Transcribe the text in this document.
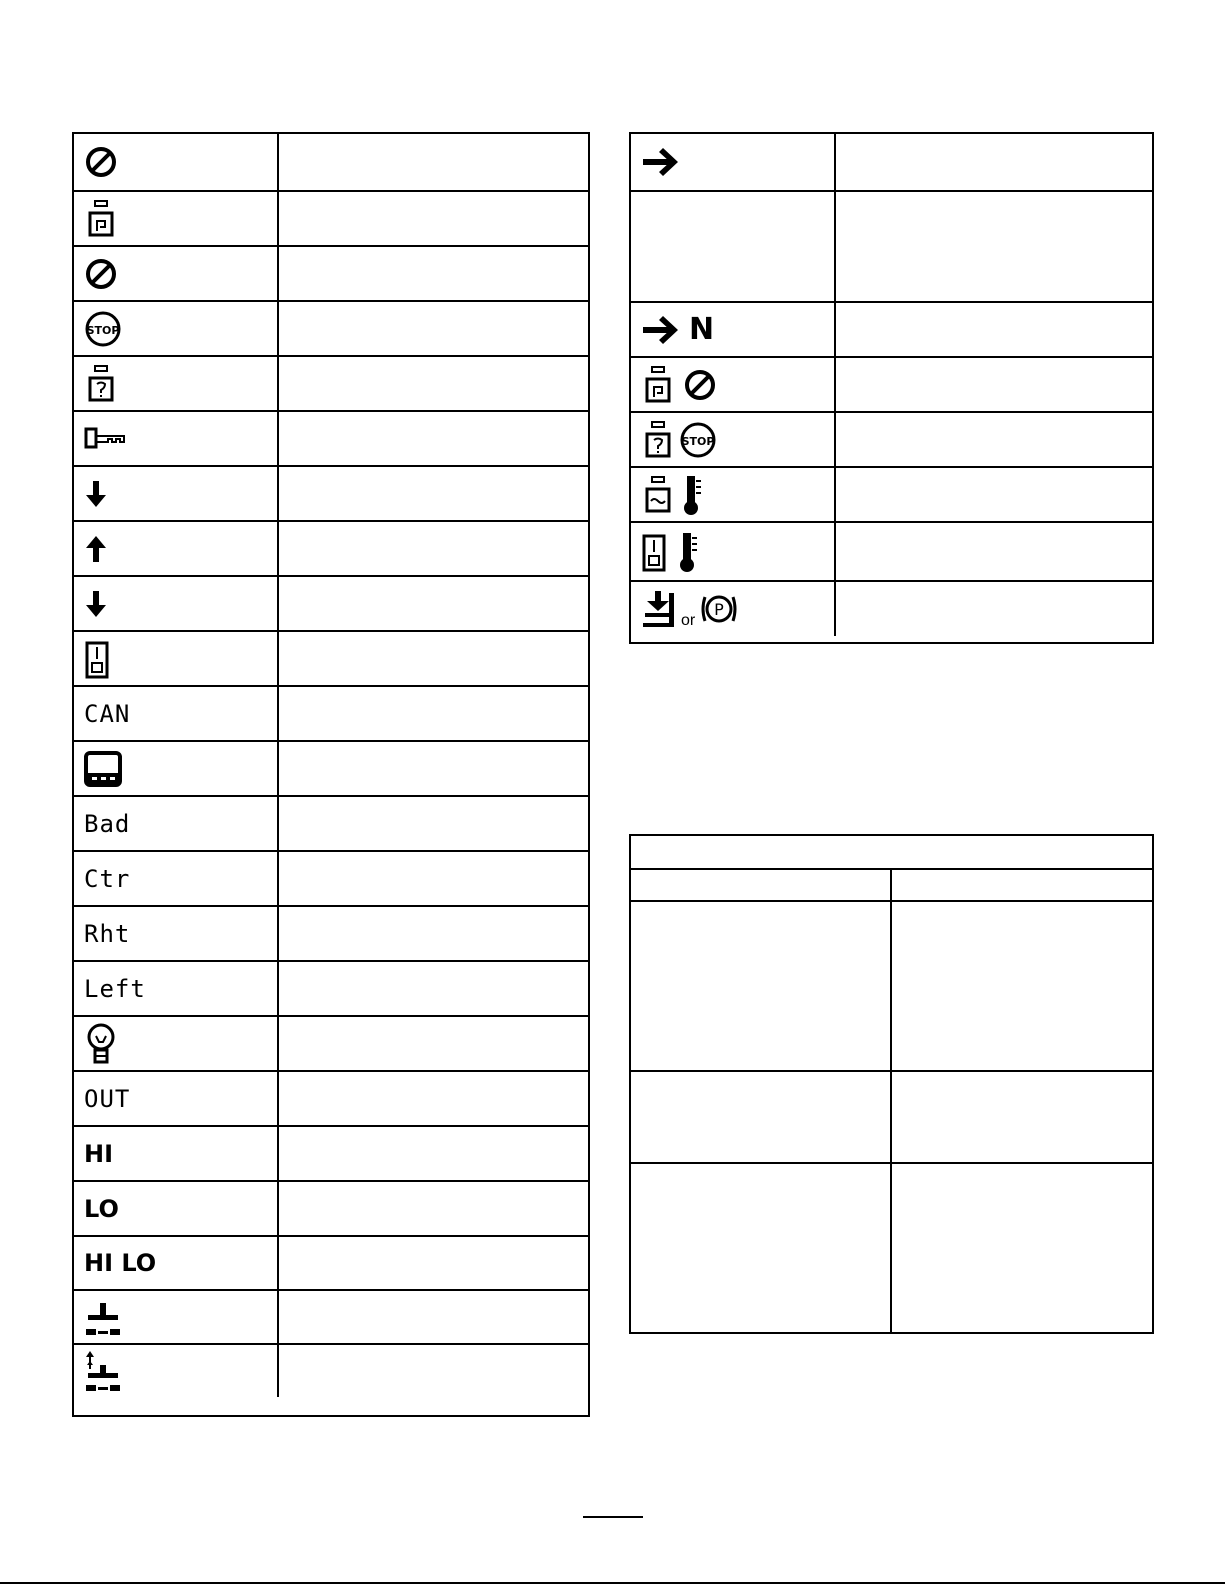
STOP
CAN
Bad
Ctr
Rht
Left
OUT
HI
LO
HI LO
N
STOP
or
P
